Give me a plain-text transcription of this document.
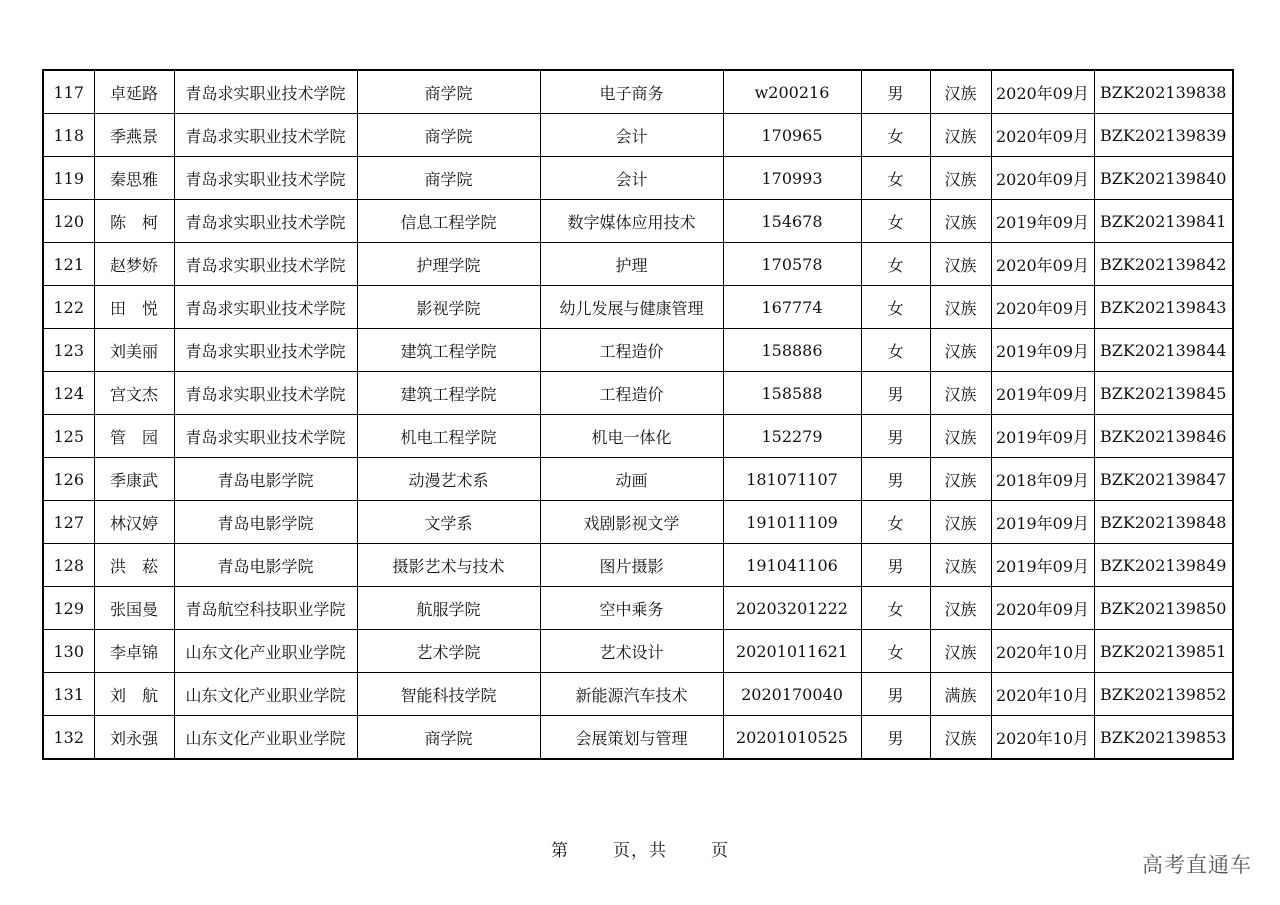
117	卓延路	青岛求实职业技术学院	商学院	电子商务	w200216	男	汉族	2020年09月	BZK202139838
118	季燕景	青岛求实职业技术学院	商学院	会计	170965	女	汉族	2020年09月	BZK202139839
119	秦思雅	青岛求实职业技术学院	商学院	会计	170993	女	汉族	2020年09月	BZK202139840
120	陈　柯	青岛求实职业技术学院	信息工程学院	数字媒体应用技术	154678	女	汉族	2019年09月	BZK202139841
121	赵梦娇	青岛求实职业技术学院	护理学院	护理	170578	女	汉族	2020年09月	BZK202139842
122	田　悦	青岛求实职业技术学院	影视学院	幼儿发展与健康管理	167774	女	汉族	2020年09月	BZK202139843
123	刘美丽	青岛求实职业技术学院	建筑工程学院	工程造价	158886	女	汉族	2019年09月	BZK202139844
124	宫文杰	青岛求实职业技术学院	建筑工程学院	工程造价	158588	男	汉族	2019年09月	BZK202139845
125	管　园	青岛求实职业技术学院	机电工程学院	机电一体化	152279	男	汉族	2019年09月	BZK202139846
126	季康武	青岛电影学院	动漫艺术系	动画	181071107	男	汉族	2018年09月	BZK202139847
127	林汉婷	青岛电影学院	文学系	戏剧影视文学	191011109	女	汉族	2019年09月	BZK202139848
128	洪　菘	青岛电影学院	摄影艺术与技术	图片摄影	191041106	男	汉族	2019年09月	BZK202139849
129	张国曼	青岛航空科技职业学院	航服学院	空中乘务	20203201222	女	汉族	2020年09月	BZK202139850
130	李卓锦	山东文化产业职业学院	艺术学院	艺术设计	20201011621	女	汉族	2020年10月	BZK202139851
131	刘　航	山东文化产业职业学院	智能科技学院	新能源汽车技术	2020170040	男	满族	2020年10月	BZK202139852
132	刘永强	山东文化产业职业学院	商学院	会展策划与管理	20201010525	男	汉族	2020年10月	BZK202139853
第	页，共	页
高考直通车
